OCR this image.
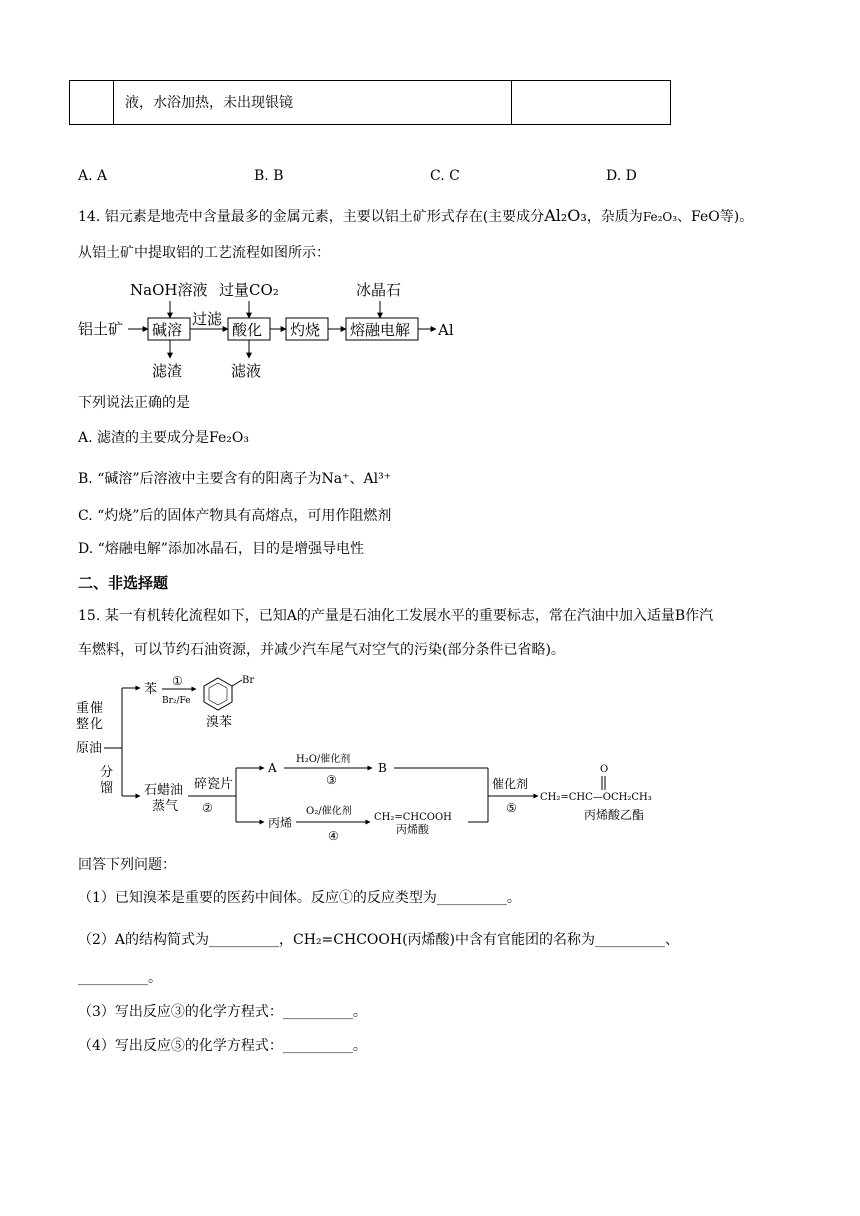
液，水浴加热，未出现银镜
A. A	B. B	C. C	D. D
14. 铝元素是地壳中含量最多的金属元素，主要以铝土矿形式存在(主要成分Al₂O₃，杂质为Fe₂O₃、FeO等)。
从铝土矿中提取铝的工艺流程如图所示：
铝土矿
NaOH溶液
碱溶
滤渣
过滤
过量CO₂
酸化
滤液
灼烧
冰晶石
熔融电解 Al
下列说法正确的是
A. 滤渣的主要成分是Fe₂O₃
B. “碱溶”后溶液中主要含有的阳离子为Na⁺、Al³⁺
C. “灼烧”后的固体产物具有高熔点，可用作阻燃剂
D. “熔融电解”添加冰晶石，目的是增强导电性
二、非选择题
15. 某一有机转化流程如下，已知A的产量是石油化工发展水平的重要标志，常在汽油中加入适量B作汽
车燃料，可以节约石油资源，并减少汽车尾气对空气的污染(部分条件已省略)。
催
化
重
整
原油
分
馏
苯
①
Br₂/Fe
Br
溴苯
石蜡油
蒸气
碎瓷片
②
A
H₂O/催化剂
③
B
丙烯
O₂/催化剂
④
CH₂=CHCOOH
丙烯酸
催化剂
⑤
O
CH₂=CHC—OCH₂CH₃
丙烯酸乙酯
回答下列问题：
（1）已知溴苯是重要的医药中间体。反应①的反应类型为__________。
（2）A的结构简式为__________，CH₂=CHCOOH(丙烯酸)中含有官能团的名称为__________、
__________。
（3）写出反应③的化学方程式：__________。
（4）写出反应⑤的化学方程式：__________。
